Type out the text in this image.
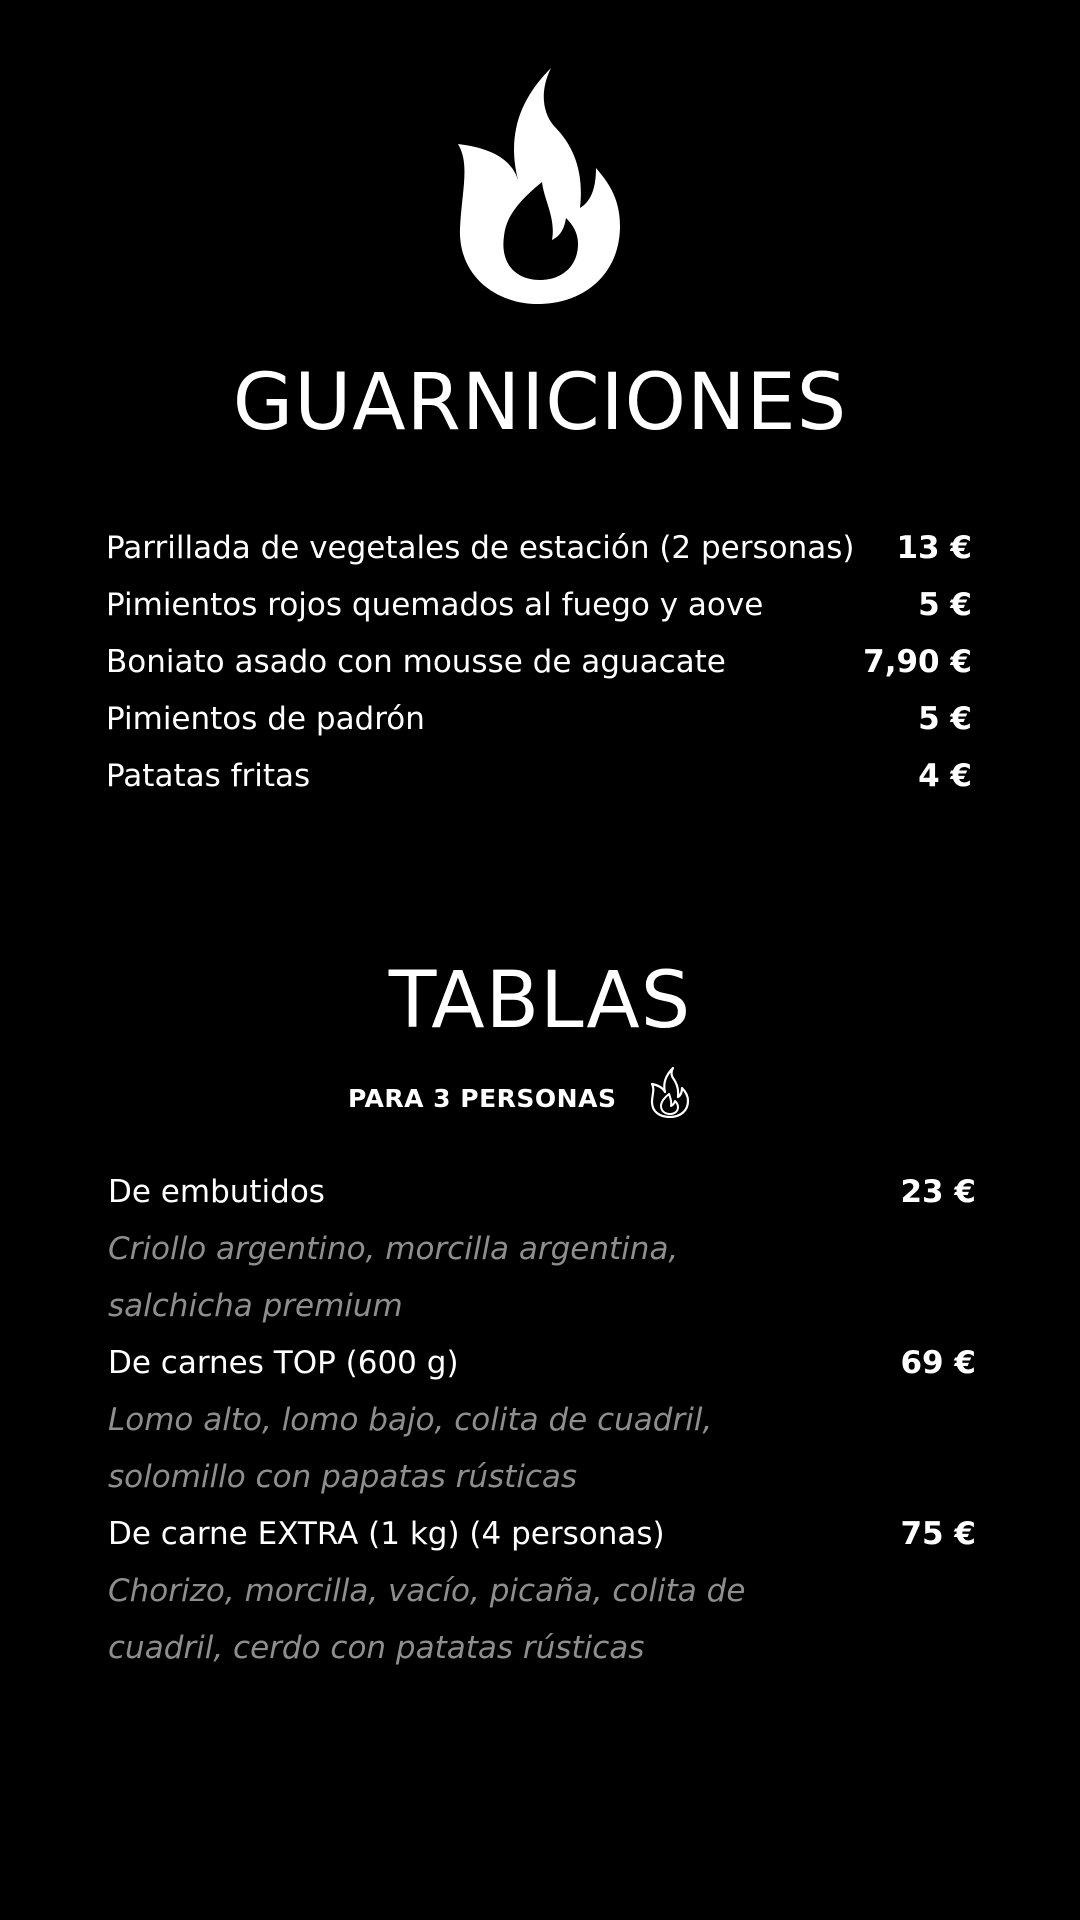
GUARNICIONES
Parrillada de vegetales de estación (2 personas) 13 €
Pimientos rojos quemados al fuego y aove	5 €
Boniato asado con mousse de aguacate	7,90 €
Pimientos de padrón	5 €
Patatas fritas	4 €
TABLAS
PARA 3 PERSONAS
De embutidos	23 €
Criollo argentino, morcilla argentina,
salchicha premium
De carnes TOP (600 g)	69 €
Lomo alto, lomo bajo, colita de cuadril,
solomillo con papatas rústicas
De carne EXTRA (1 kg) (4 personas)	75 €
Chorizo, morcilla, vacío, picaña, colita de
cuadril, cerdo con patatas rústicas
